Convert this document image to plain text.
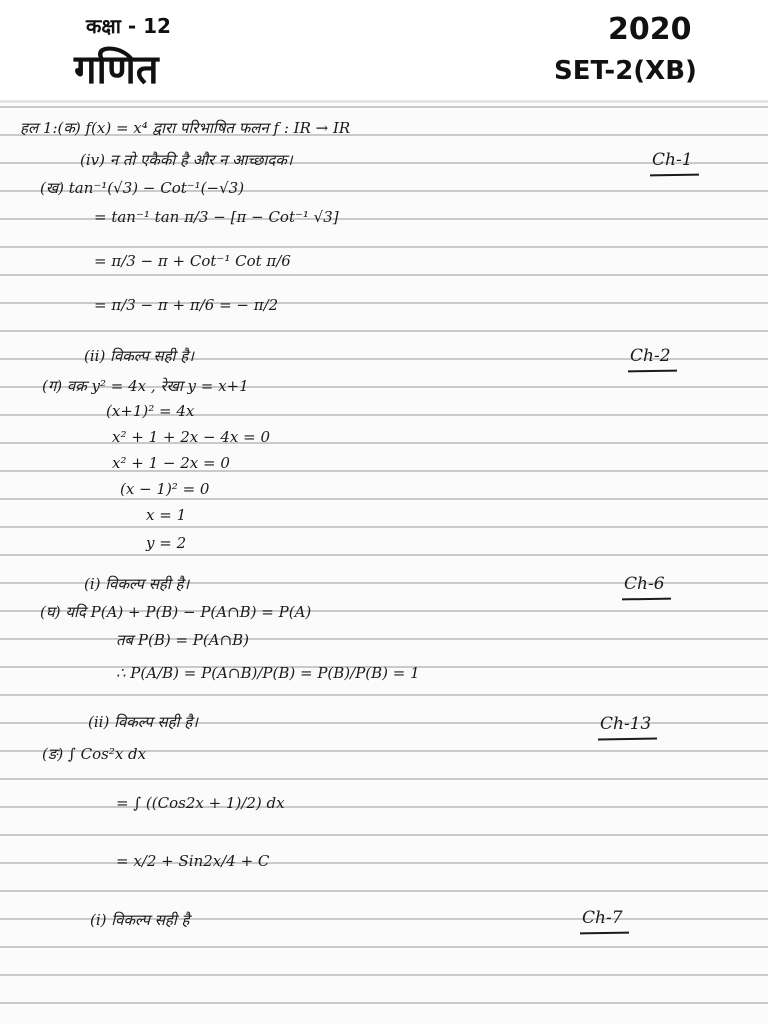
कक्षा - 12
गणित
2020
SET-2(XB)
हल 1:(क) f(x) = x⁴ द्वारा परिभाषित फलन f : IR → IR
(iv) न तो एकैकी है और न आच्छादक।
(ख) tan⁻¹(√3) − Cot⁻¹(−√3)
= tan⁻¹ tan π/3 − [π − Cot⁻¹ √3]
= π/3 − π + Cot⁻¹ Cot π/6
= π/3 − π + π/6 = − π/2
(ii) विकल्प सही है।
(ग) वक्र y² = 4x , रेखा y = x+1
(x+1)² = 4x
x² + 1 + 2x − 4x = 0
x² + 1 − 2x = 0
(x − 1)² = 0
x = 1
y = 2
(i) विकल्प सही है।
(घ) यदि P(A) + P(B) − P(A∩B) = P(A)
तब P(B) = P(A∩B)
∴ P(A/B) = P(A∩B)/P(B) = P(B)/P(B) = 1
(ii) विकल्प सही है।
(ङ) ∫ Cos²x dx
= ∫ ((Cos2x + 1)/2) dx
= x/2 + Sin2x/4 + C
(i) विकल्प सही है
Ch-1
Ch-2
Ch-6
Ch-13
Ch-7
